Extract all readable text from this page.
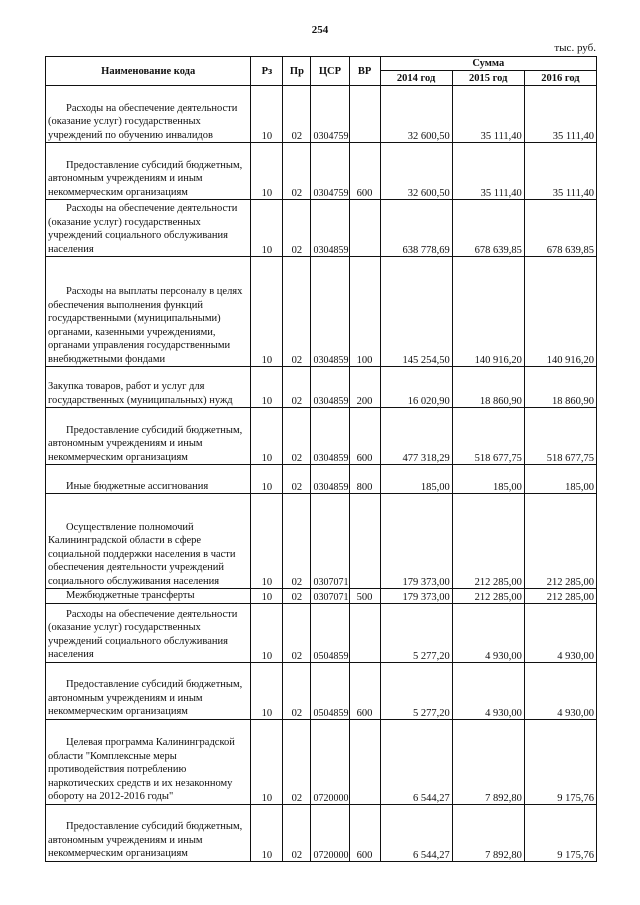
254
тыс. руб.
Наименование кода	Рз	Пр	ЦСР	ВР	Сумма		
					2014 год	2015 год	2016 год
Расходы на обеспечение деятельности (оказание услуг) государственных учреждений по обучению инвалидов	10	02	0304759		32 600,50	35 111,40	35 111,40
Предоставление субсидий бюджетным, автономным учреждениям и иным некоммерческим организациям	10	02	0304759	600	32 600,50	35 111,40	35 111,40
Расходы на обеспечение деятельности (оказание услуг) государственных учреждений социального обслуживания населения	10	02	0304859		638 778,69	678 639,85	678 639,85
Расходы на выплаты персоналу в целях обеспечения выполнения функций государственными (муниципальными) органами, казенными учреждениями, органами управления государственными внебюджетными фондами	10	02	0304859	100	145 254,50	140 916,20	140 916,20
Закупка товаров, работ и услуг для государственных (муниципальных) нужд	10	02	0304859	200	16 020,90	18 860,90	18 860,90
Предоставление субсидий бюджетным, автономным учреждениям и иным некоммерческим организациям	10	02	0304859	600	477 318,29	518 677,75	518 677,75
Иные бюджетные ассигнования	10	02	0304859	800	185,00	185,00	185,00
Осуществление полномочий Калининградской области в сфере социальной поддержки населения в части обеспечения деятельности учреждений социального обслуживания населения	10	02	0307071		179 373,00	212 285,00	212 285,00
Межбюджетные трансферты	10	02	0307071	500	179 373,00	212 285,00	212 285,00
Расходы на обеспечение деятельности (оказание услуг) государственных учреждений социального обслуживания населения	10	02	0504859		5 277,20	4 930,00	4 930,00
Предоставление субсидий бюджетным, автономным учреждениям и иным некоммерческим организациям	10	02	0504859	600	5 277,20	4 930,00	4 930,00
Целевая программа Калининградской области "Комплексные меры противодействия потреблению наркотических средств и их незаконному обороту на 2012-2016 годы"	10	02	0720000		6 544,27	7 892,80	9 175,76
Предоставление субсидий бюджетным, автономным учреждениям и иным некоммерческим организациям	10	02	0720000	600	6 544,27	7 892,80	9 175,76
